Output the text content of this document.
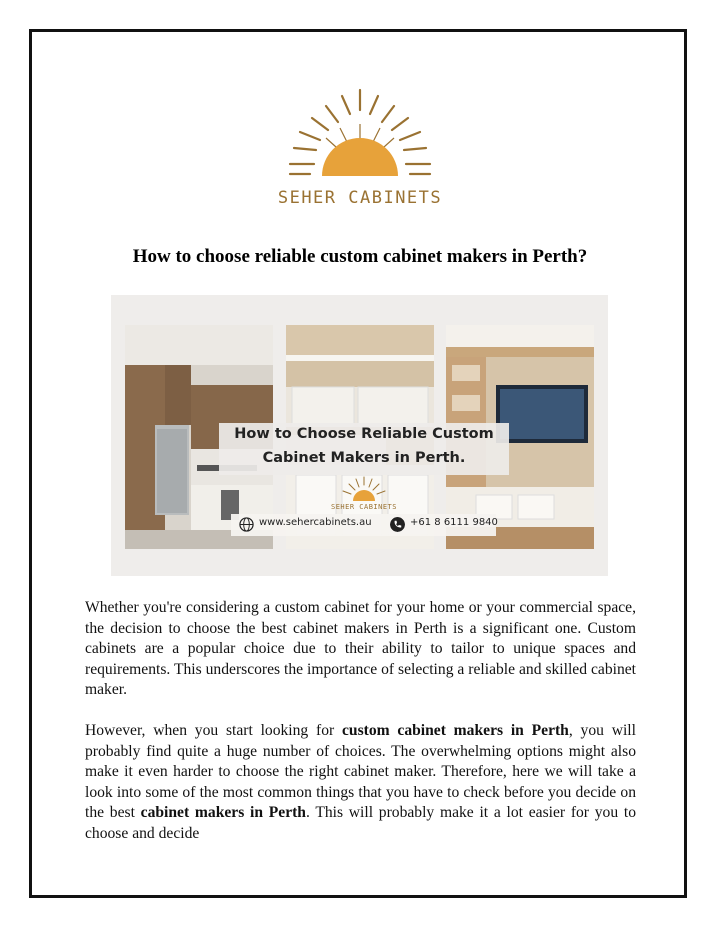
SEHER CABINETS
How to choose reliable custom cabinet makers in Perth?
How to Choose Reliable Custom
Cabinet Makers in Perth.
SEHER CABINETS
www.sehercabinets.au	+61 8 6111 9840

Whether you're considering a custom cabinet for your home or your commercial space, the decision to choose the best cabinet makers in Perth is a significant one. Custom cabinets are a popular choice due to their ability to tailor to unique spaces and requirements. This underscores the importance of selecting a reliable and skilled cabinet maker.

However, when you start looking for custom cabinet makers in Perth, you will probably find quite a huge number of choices. The overwhelming options might also make it even harder to choose the right cabinet maker. Therefore, here we will take a look into some of the most common things that you have to check before you decide on the best cabinet makers in Perth. This will probably make it a lot easier for you to choose and decide
